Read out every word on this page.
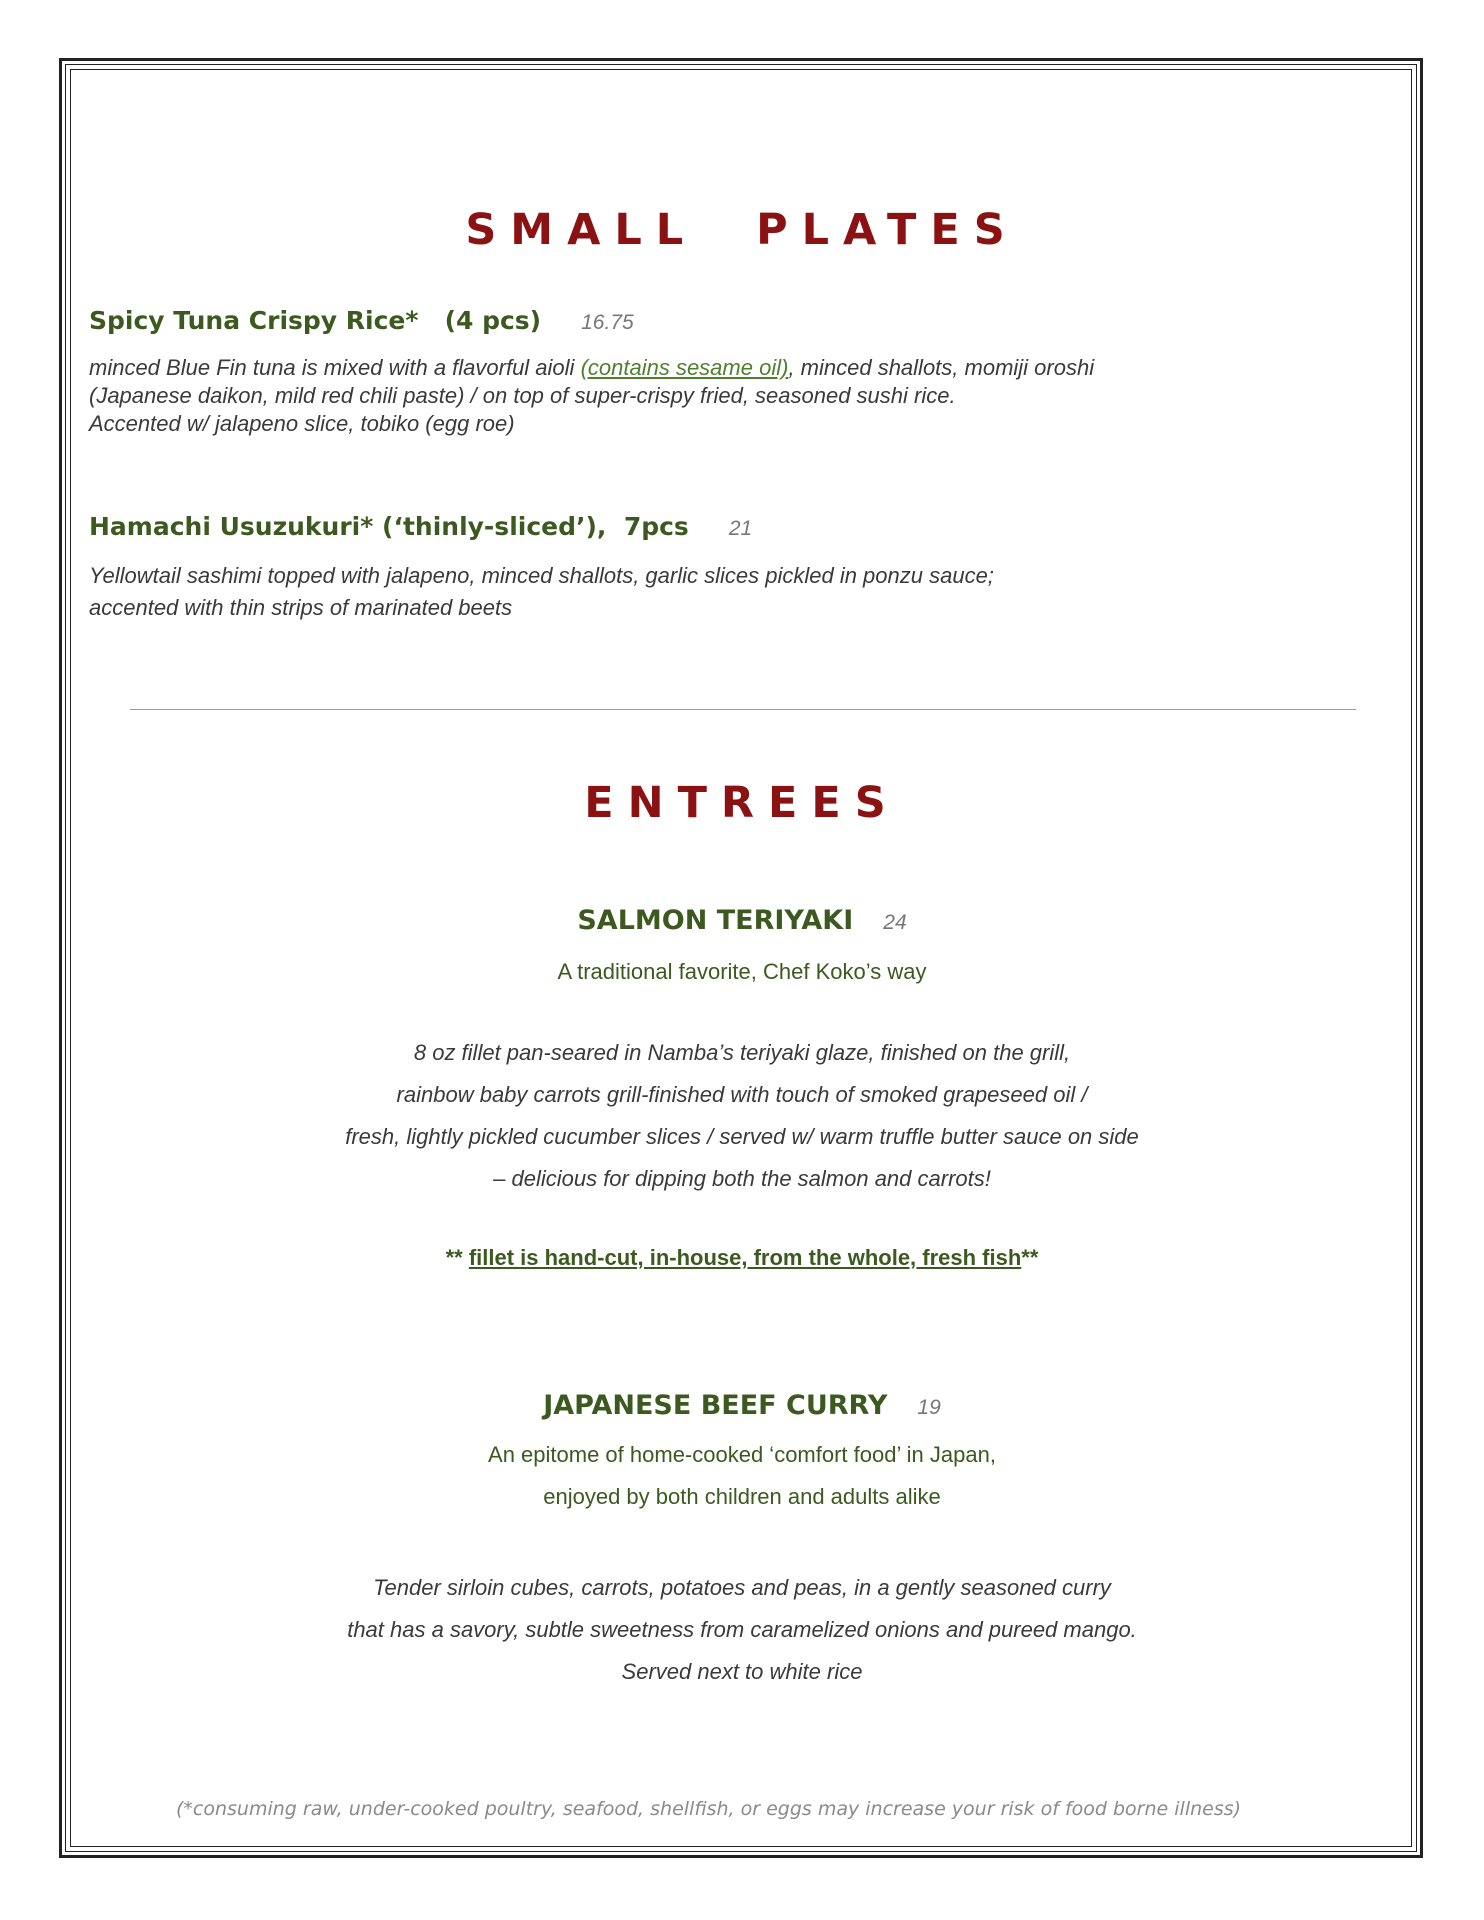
SMALL PLATES
Spicy Tuna Crispy Rice*   (4 pcs) 16.75
minced Blue Fin tuna is mixed with a flavorful aioli (contains sesame oil), minced shallots, momiji oroshi
(Japanese daikon, mild red chili paste) / on top of super-crispy fried, seasoned sushi rice.
Accented w/ jalapeno slice, tobiko (egg roe)
Hamachi Usuzukuri* (‘thinly-sliced’),  7pcs 21
Yellowtail sashimi topped with jalapeno, minced shallots, garlic slices pickled in ponzu sauce;
accented with thin strips of marinated beets
ENTREES
SALMON TERIYAKI 24
A traditional favorite, Chef Koko’s way
8 oz fillet pan-seared in Namba’s teriyaki glaze, finished on the grill,
rainbow baby carrots grill-finished with touch of smoked grapeseed oil /
fresh, lightly pickled cucumber slices / served w/ warm truffle butter sauce on side
– delicious for dipping both the salmon and carrots!

** fillet is hand-cut, in-house, from the whole, fresh fish**

JAPANESE BEEF CURRY 19
An epitome of home-cooked ‘comfort food’ in Japan,
enjoyed by both children and adults alike
Tender sirloin cubes, carrots, potatoes and peas, in a gently seasoned curry
that has a savory, subtle sweetness from caramelized onions and pureed mango.
Served next to white rice

(*consuming raw, under-cooked poultry, seafood, shellfish, or eggs may increase your risk of food borne illness)
